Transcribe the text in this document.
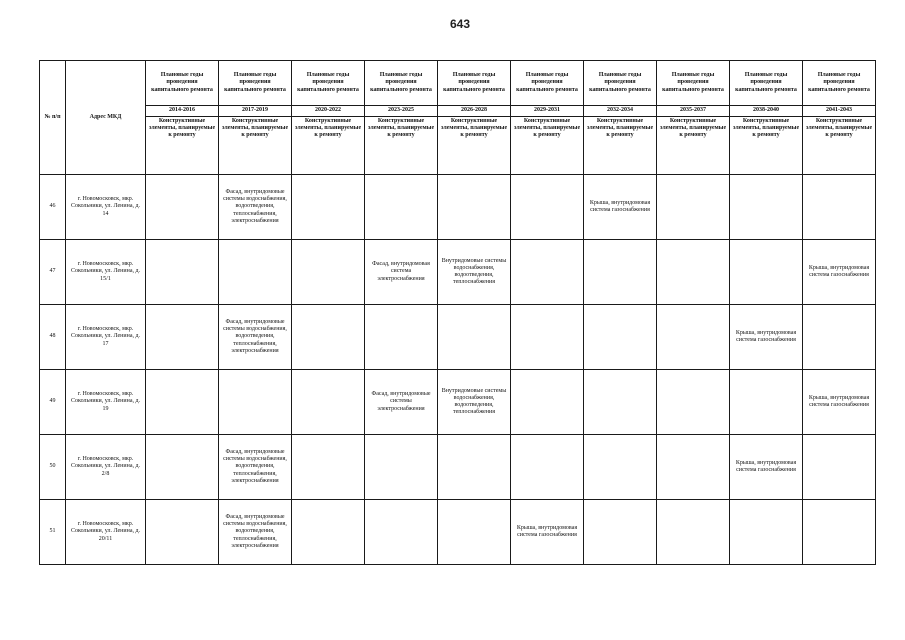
643
№ п/п	Адрес МКД	Плановые годы проведения капитального ремонта	Плановые годы проведения капитального ремонта	Плановые годы проведения капитального ремонта	Плановые годы проведения капитального ремонта	Плановые годы проведения капитального ремонта	Плановые годы проведения капитального ремонта	Плановые годы проведения капитального ремонта	Плановые годы проведения капитального ремонта	Плановые годы проведения капитального ремонта	Плановые годы проведения капитального ремонта
		2014-2016	2017-2019	2020-2022	2023-2025	2026-2028	2029-2031	2032-2034	2035-2037	2038-2040	2041-2043
		Конструктивные элементы, планируемые к ремонту	Конструктивные элементы, планируемые к ремонту	Конструктивные элементы, планируемые к ремонту	Конструктивные элементы, планируемые к ремонту	Конструктивные элементы, планируемые к ремонту	Конструктивные элементы, планируемые к ремонту	Конструктивные элементы, планируемые к ремонту	Конструктивные элементы, планируемые к ремонту	Конструктивные элементы, планируемые к ремонту	Конструктивные элементы, планируемые к ремонту
46	г. Новомосковск, мкр. Сокольники, ул. Ленина, д. 14		Фасад, внутридомовые системы водоснабжения, водоотведения, теплоснабжения, электроснабжения					Крыша, внутридомовая система газоснабжения			
47	г. Новомосковск, мкр. Сокольники, ул. Ленина, д. 15/1				Фасад, внутридомовая система электроснабжения	Внутридомовые системы водоснабжения, водоотведения, теплоснабжения					Крыша, внутридомовая система газоснабжения
48	г. Новомосковск, мкр. Сокольники, ул. Ленина, д. 17		Фасад, внутридомовые системы водоснабжения, водоотведения, теплоснабжения, электроснабжения							Крыша, внутридомовая система газоснабжения	
49	г. Новомосковск, мкр. Сокольники, ул. Ленина, д. 19				Фасад, внутридомовые системы электроснабжения	Внутридомовые системы водоснабжения, водоотведения, теплоснабжения					Крыша, внутридомовая система газоснабжения
50	г. Новомосковск, мкр. Сокольники, ул. Ленина, д. 2/8		Фасад, внутридомовые системы водоснабжения, водоотведения, теплоснабжения, электроснабжения							Крыша, внутридомовая система газоснабжения	
51	г. Новомосковск, мкр. Сокольники, ул. Ленина, д. 20/11		Фасад, внутридомовые системы водоснабжения, водоотведения, теплоснабжения, электроснабжения				Крыша, внутридомовая система газоснабжения				
